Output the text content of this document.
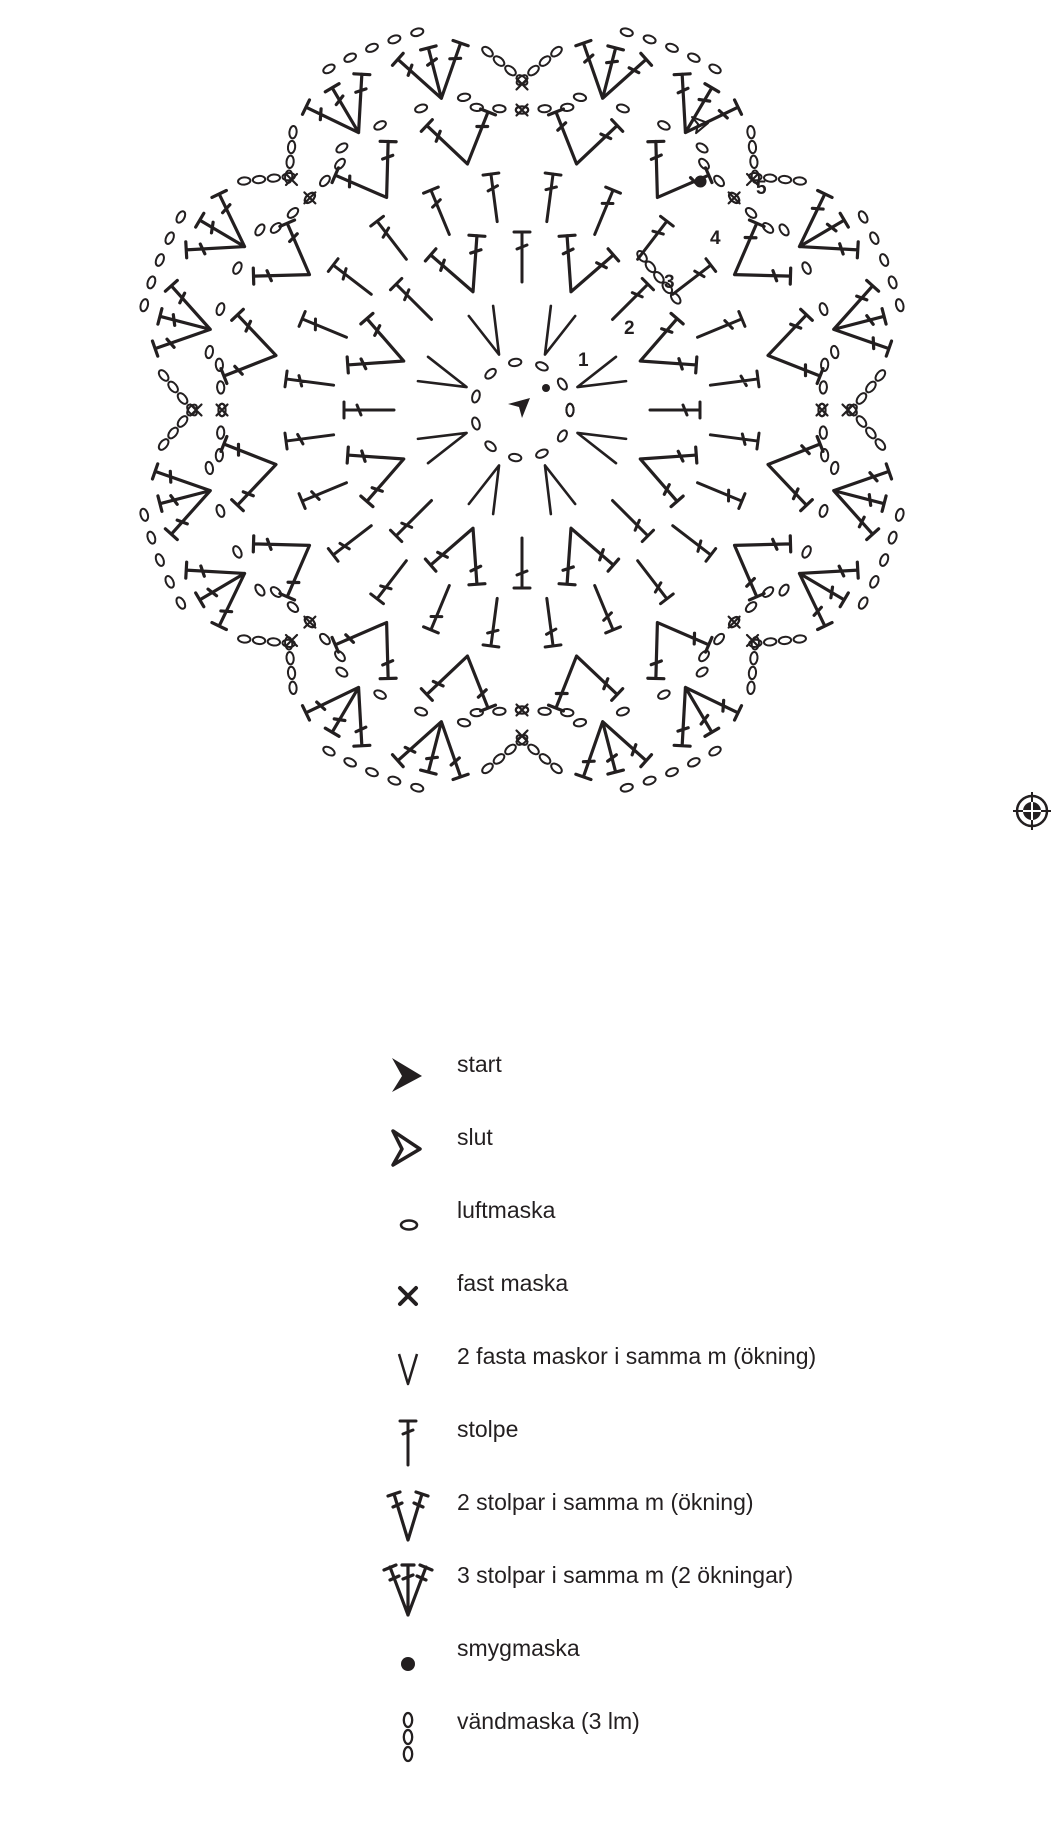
1
2
3
4
5
start
slut
luftmaska
fast maska
2 fasta maskor i samma m (ökning)
stolpe
2 stolpar i samma m (ökning)
3 stolpar i samma m (2 ökningar)
smygmaska
vändmaska (3 lm)
